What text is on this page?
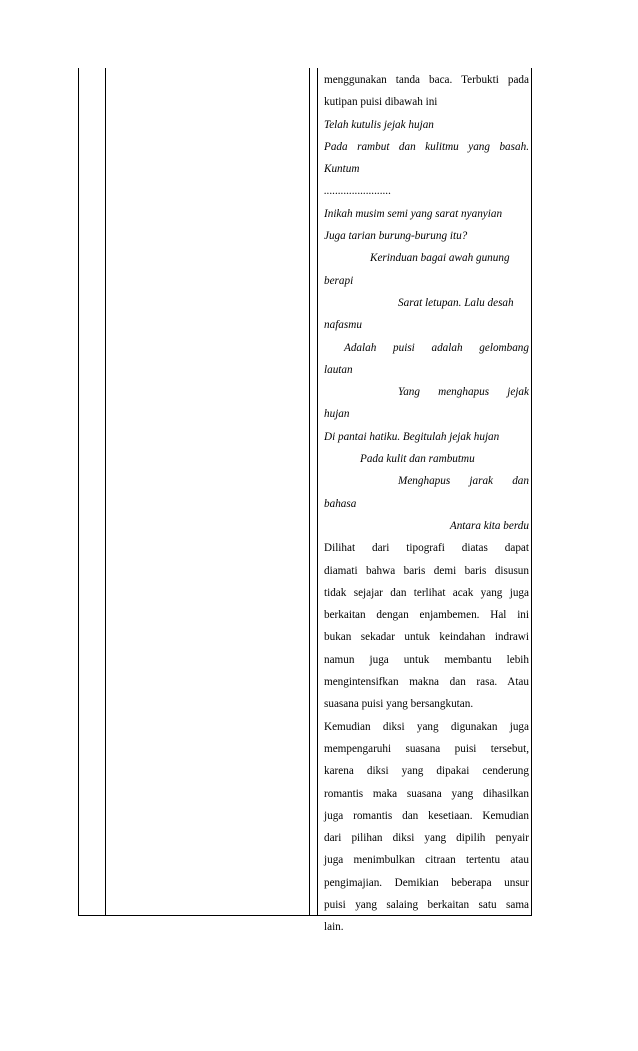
menggunakan tanda baca. Terbukti pada
kutipan puisi dibawah ini
Telah kutulis jejak hujan
Pada rambut dan kulitmu yang basah.
Kuntum
........................
Inikah musim semi yang sarat nyanyian
Juga tarian burung-burung itu?
Kerinduan bagai awah gunung
berapi
Sarat letupan. Lalu desah
nafasmu
Adalah puisi adalah gelombang
lautan
Yang menghapus jejak
hujan
Di pantai hatiku. Begitulah jejak hujan
Pada kulit dan rambutmu
Menghapus jarak dan
bahasa
Antara kita berdu
Dilihat dari tipografi diatas dapat
diamati bahwa baris demi baris disusun
tidak sejajar dan terlihat acak yang juga
berkaitan dengan enjambemen. Hal ini
bukan sekadar untuk keindahan indrawi
namun juga untuk membantu lebih
mengintensifkan makna dan rasa. Atau
suasana puisi yang bersangkutan.
Kemudian diksi yang digunakan juga
mempengaruhi suasana puisi tersebut,
karena diksi yang dipakai cenderung
romantis maka suasana yang dihasilkan
juga romantis dan kesetiaan. Kemudian
dari pilihan diksi yang dipilih penyair
juga menimbulkan citraan tertentu atau
pengimajian. Demikian beberapa unsur
puisi yang salaing berkaitan satu sama
lain.
